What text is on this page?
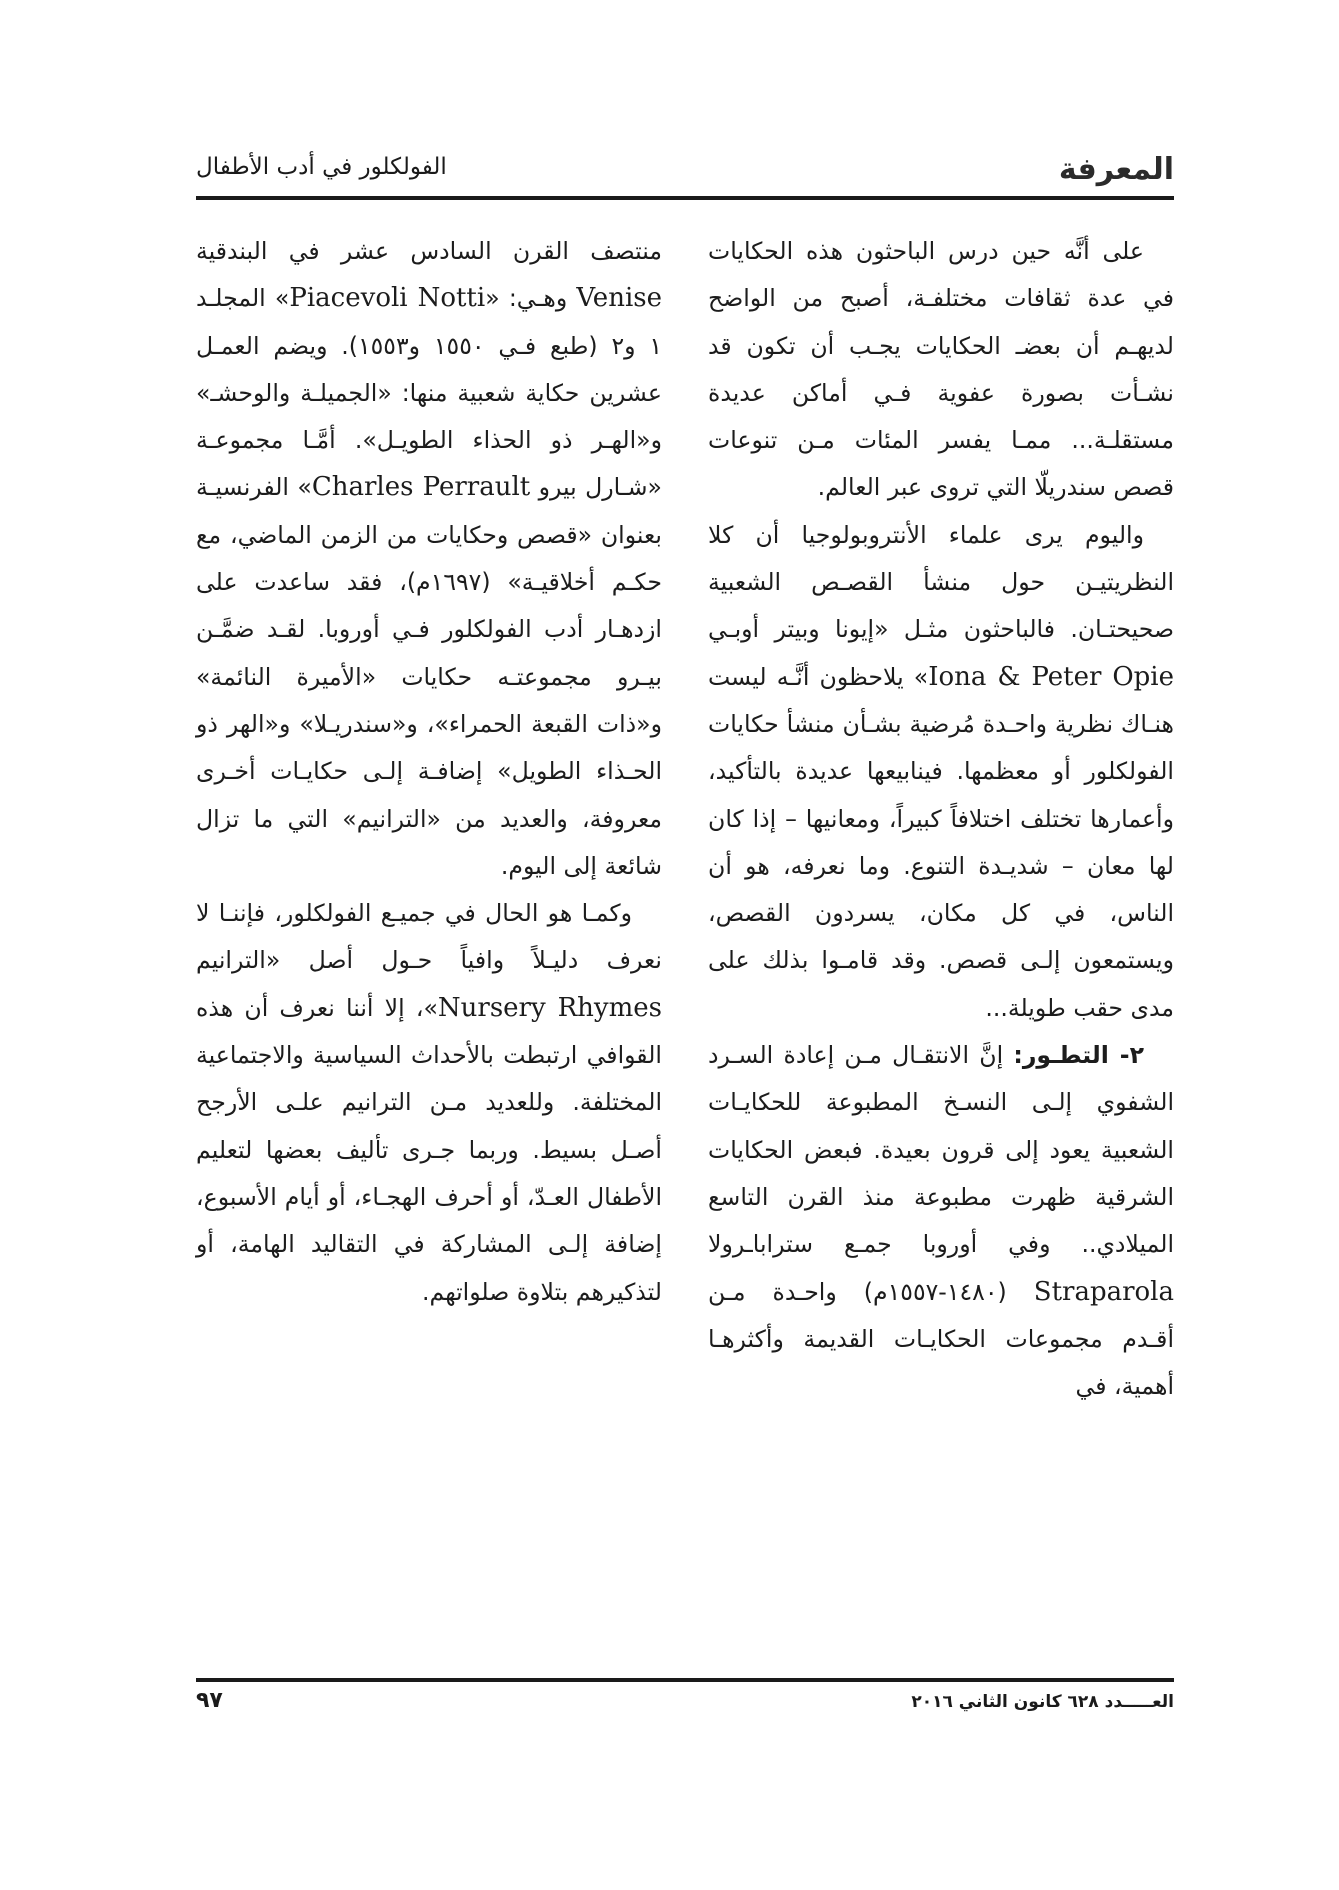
المعرفة
الفولكلور في أدب الأطفال

على أنَّه حين درس الباحثون هذه الحكايات في عدة ثقافات مختلفـة، أصبح من الواضح لديهـم أن بعضـ الحكايات يجـب أن تكون قد نشـأت بصورة عفوية فـي أماكن عديدة مستقلـة... ممـا يفسر المئات مـن تنوعات قصص سندريلّا التي تروى عبر العالم.

واليوم يرى علماء الأنتروبولوجيا أن كلا النظريتيـن حول منشأ القصـص الشعبية صحيحتـان. فالباحثون مثـل «إيونا وبيتر أوبـي Iona & Peter Opie» يلاحظون أنَّـه ليست هنـاك نظرية واحـدة مُرضية بشـأن منشأ حكايات الفولكلور أو معظمها. فينابيعها عديدة بالتأكيد، وأعمارها تختلف اختلافاً كبيراً، ومعانيها – إذا كان لها معان – شديـدة التنوع. وما نعرفه، هو أن الناس، في كل مكان، يسردون القصص، ويستمعون إلـى قصص. وقد قامـوا بذلك على مدى حقب طويلة...

٢- التطـور: إنَّ الانتقـال مـن إعادة السـرد الشفوي إلـى النسـخ المطبوعة للحكايـات الشعبية يعود إلى قرون بعيدة. فبعض الحكايات الشرقية ظهرت مطبوعة منذ القرن التاسع الميلادي.. وفي أوروبا جمـع ستراباـرولا Straparola (١٤٨٠-١٥٥٧م) واحـدة مـن أقـدم مجموعات الحكايـات القديمة وأكثرهـا أهمية، في

منتصف القرن السادس عشر في البندقية Venise وهـي: «Piacevoli Notti» المجلـد ١ و٢ (طبع فـي ١٥٥٠ و١٥٥٣). ويضم العمـل عشرين حكاية شعبية منها: «الجميلـة والوحشـ» و«الهـر ذو الحذاء الطويـل». أمَّـا مجموعـة «شـارل بيرو Charles Perrault» الفرنسيـة بعنوان «قصص وحكايات من الزمن الماضي، مع حكـم أخلاقيـة» (١٦٩٧م)، فقد ساعدت على ازدهـار أدب الفولكلور فـي أوروبا. لقـد ضمَّـن بيـرو مجموعتـه حكايات «الأميرة النائمة» و«ذات القبعة الحمراء»، و«سندريـلا» و«الهر ذو الحـذاء الطويل» إضافـة إلـى حكايـات أخـرى معروفة، والعديد من «الترانيم» التي ما تزال شائعة إلى اليوم.

وكمـا هو الحال في جميـع الفولكلور، فإننـا لا نعرف دليـلاً وافياً حـول أصل «الترانيم Nursery Rhymes»، إلا أننا نعرف أن هذه القوافي ارتبطت بالأحداث السياسية والاجتماعية المختلفة. وللعديد مـن الترانيم علـى الأرجح أصـل بسيط. وربما جـرى تأليف بعضها لتعليم الأطفال العـدّ، أو أحرف الهجـاء، أو أيام الأسبوع، إضافة إلـى المشاركة في التقاليد الهامة، أو لتذكيرهم بتلاوة صلواتهم.

العـــــدد ٦٢٨ كانون الثاني ٢٠١٦
٩٧
